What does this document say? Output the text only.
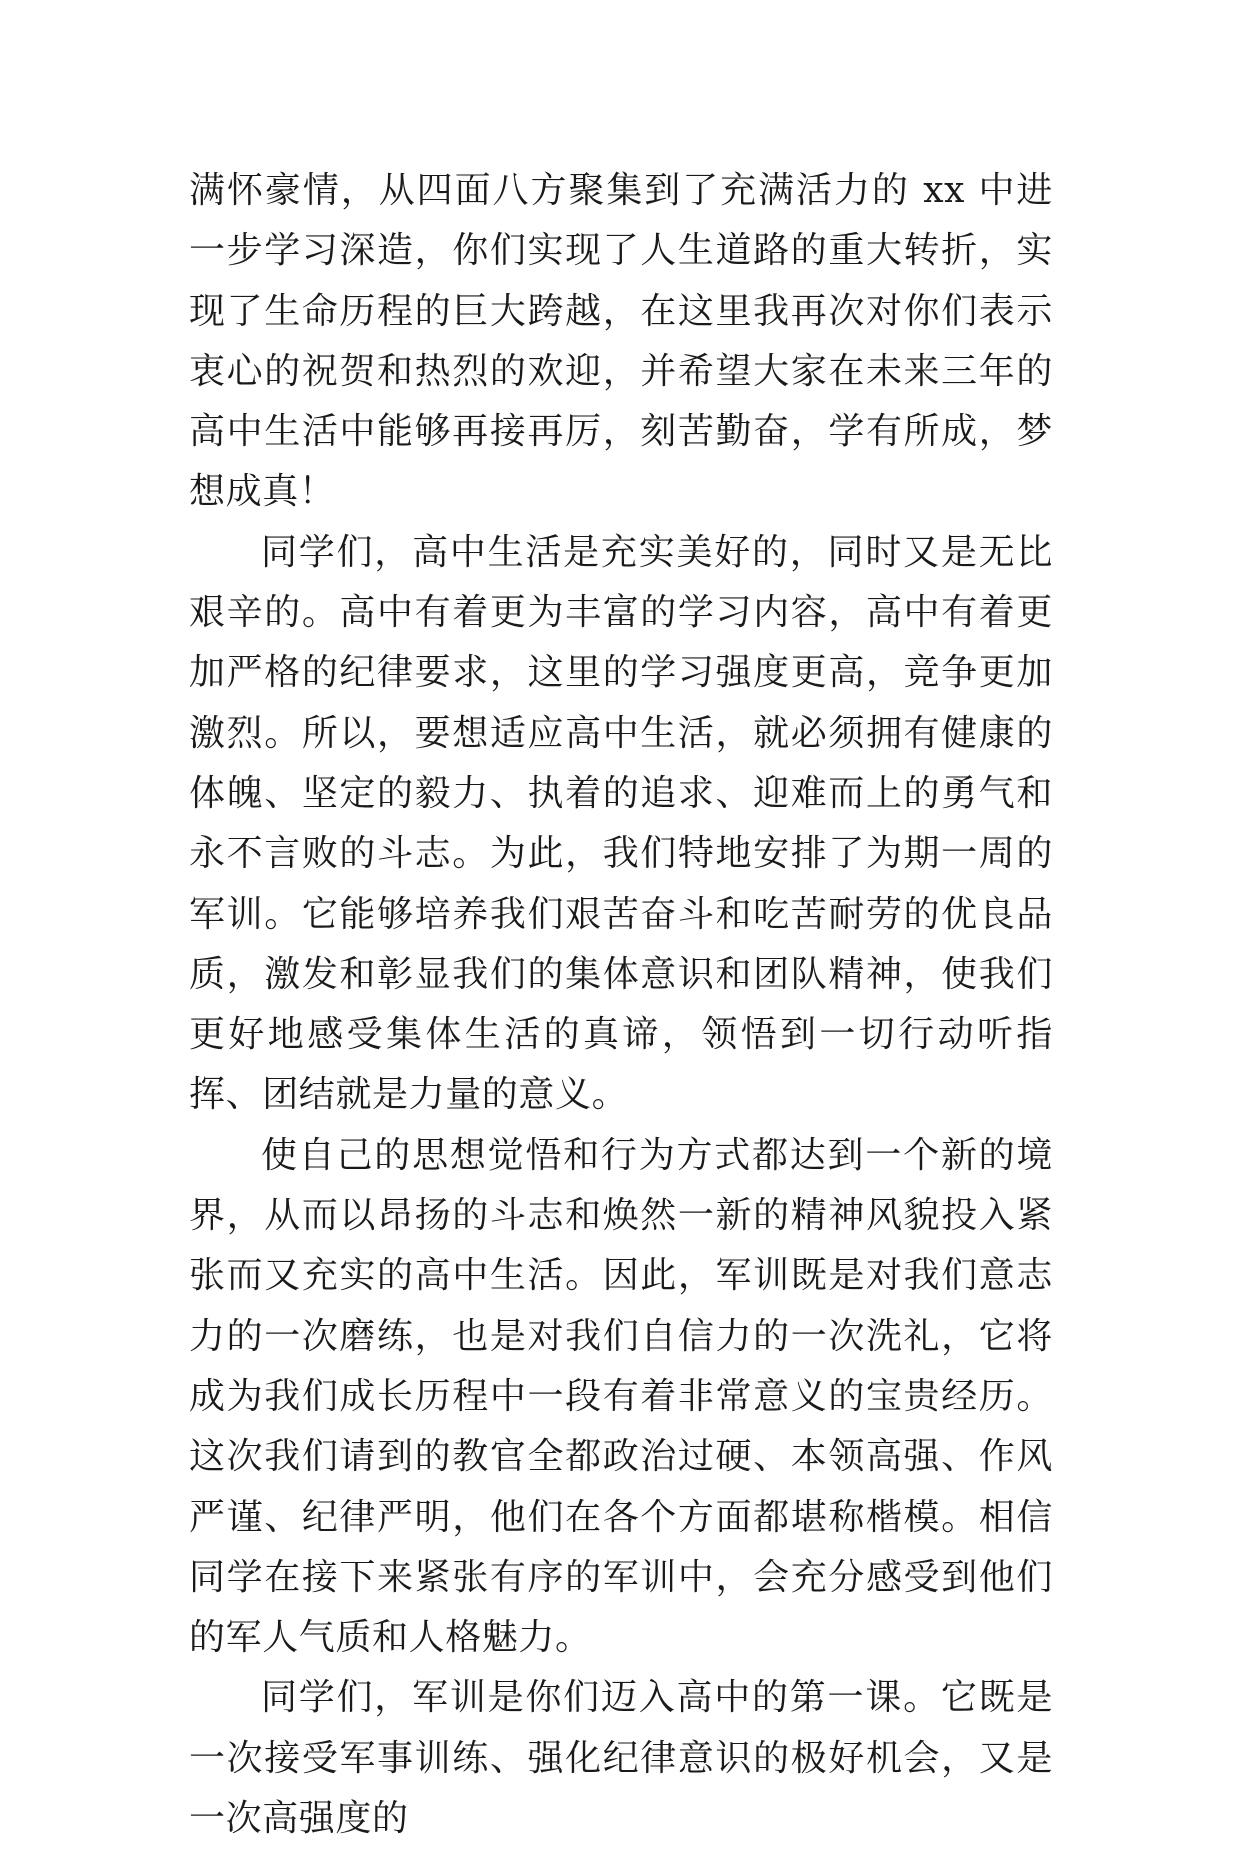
满怀豪情，从四面八方聚集到了充满活力的 xx 中进一步学习深造，你们实现了人生道路的重大转折，实现了生命历程的巨大跨越，在这里我再次对你们表示衷心的祝贺和热烈的欢迎，并希望大家在未来三年的高中生活中能够再接再厉，刻苦勤奋，学有所成，梦想成真！

同学们，高中生活是充实美好的，同时又是无比艰辛的。高中有着更为丰富的学习内容，高中有着更加严格的纪律要求，这里的学习强度更高，竞争更加激烈。所以，要想适应高中生活，就必须拥有健康的体魄、坚定的毅力、执着的追求、迎难而上的勇气和永不言败的斗志。为此，我们特地安排了为期一周的军训。它能够培养我们艰苦奋斗和吃苦耐劳的优良品质，激发和彰显我们的集体意识和团队精神，使我们更好地感受集体生活的真谛，领悟到一切行动听指挥、团结就是力量的意义。

使自己的思想觉悟和行为方式都达到一个新的境界，从而以昂扬的斗志和焕然一新的精神风貌投入紧张而又充实的高中生活。因此，军训既是对我们意志力的一次磨练，也是对我们自信力的一次洗礼，它将成为我们成长历程中一段有着非常意义的宝贵经历。这次我们请到的教官全都政治过硬、本领高强、作风严谨、纪律严明，他们在各个方面都堪称楷模。相信同学在接下来紧张有序的军训中，会充分感受到他们的军人气质和人格魅力。

同学们，军训是你们迈入高中的第一课。它既是一次接受军事训练、强化纪律意识的极好机会，又是一次高强度的
